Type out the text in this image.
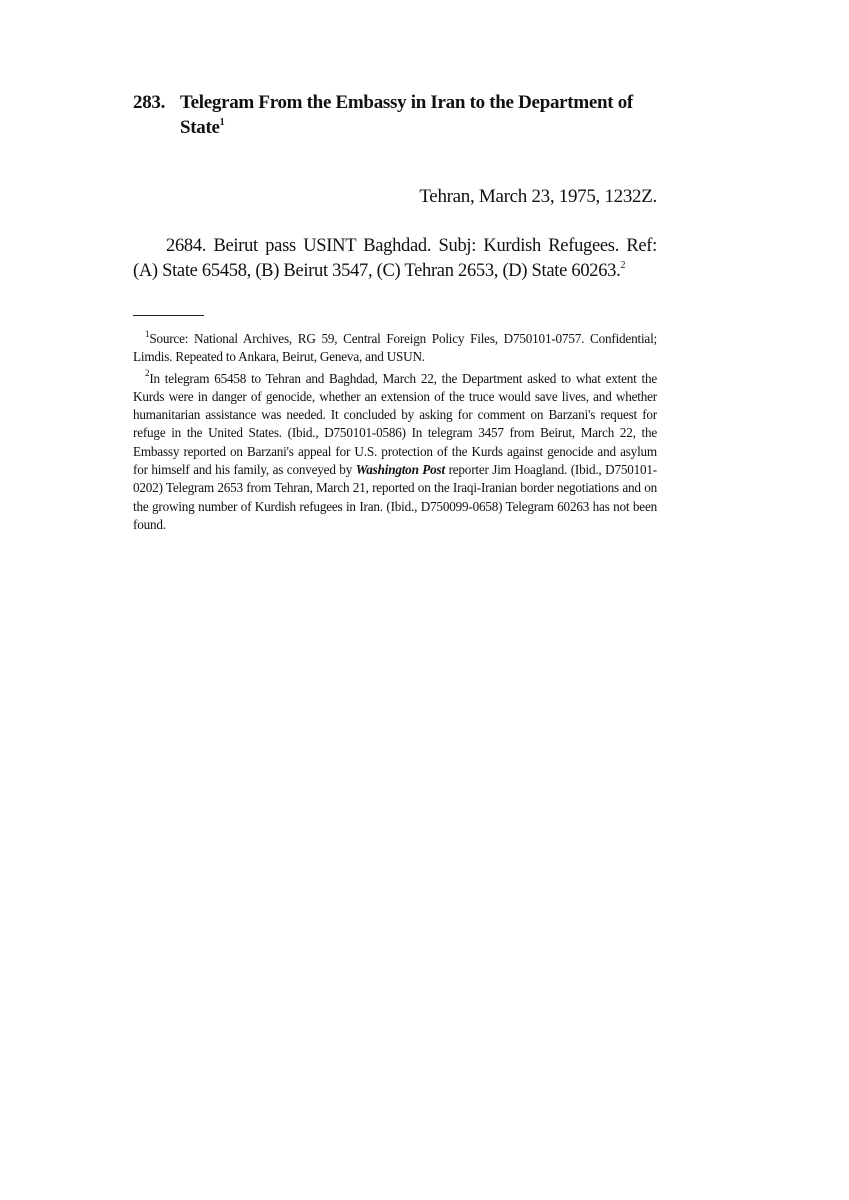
283. Telegram From the Embassy in Iran to the Department of State$^1$
Tehran, March 23, 1975, 1232Z.

2684. Beirut pass USINT Baghdad. Subj: Kurdish Refugees. Ref: (A) State 65458, (B) Beirut 3547, (C) Tehran 2653, (D) State 60263.$^2$

$^1$Source: National Archives, RG 59, Central Foreign Policy Files, D750101-0757. Confidential; Limdis. Repeated to Ankara, Beirut, Geneva, and USUN.

$^2$In telegram 65458 to Tehran and Baghdad, March 22, the Department asked to what extent the Kurds were in danger of genocide, whether an extension of the truce would save lives, and whether humanitarian assistance was needed. It concluded by asking for comment on Barzani's request for refuge in the United States. (Ibid., D750101-0586) In telegram 3457 from Beirut, March 22, the Embassy reported on Barzani's appeal for U.S. protection of the Kurds against genocide and asylum for himself and his family, as conveyed by Washington Post reporter Jim Hoagland. (Ibid., D750101-0202) Telegram 2653 from Tehran, March 21, reported on the Iraqi-Iranian border negotiations and on the growing number of Kurdish refugees in Iran. (Ibid., D750099-0658) Telegram 60263 has not been found.
